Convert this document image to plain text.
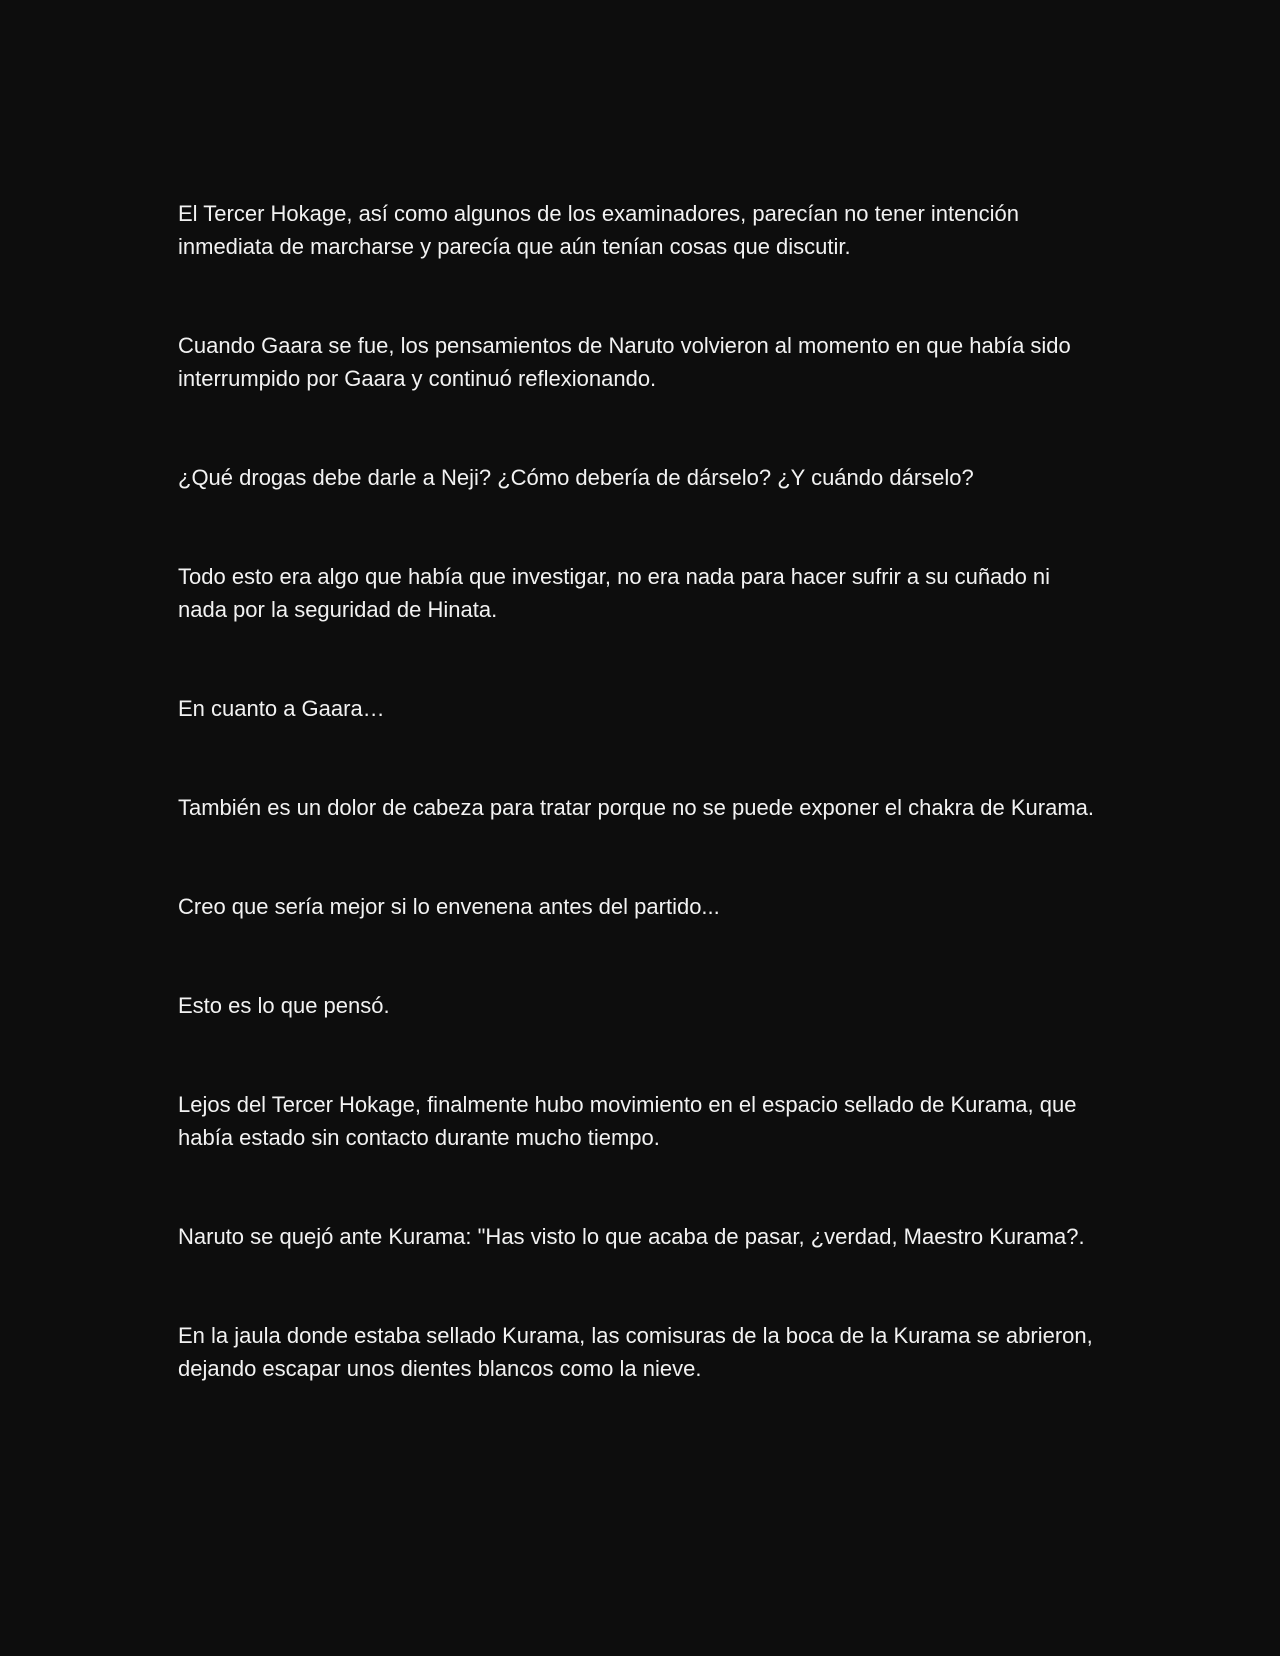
El Tercer Hokage, así como algunos de los examinadores, parecían no tener intención inmediata de marcharse y parecía que aún tenían cosas que discutir.

Cuando Gaara se fue, los pensamientos de Naruto volvieron al momento en que había sido interrumpido por Gaara y continuó reflexionando.

¿Qué drogas debe darle a Neji? ¿Cómo debería de dárselo? ¿Y cuándo dárselo?

Todo esto era algo que había que investigar, no era nada para hacer sufrir a su cuñado ni nada por la seguridad de Hinata.

En cuanto a Gaara…

También es un dolor de cabeza para tratar porque no se puede exponer el chakra de Kurama.

Creo que sería mejor si lo envenena antes del partido...

Esto es lo que pensó.

Lejos del Tercer Hokage, finalmente hubo movimiento en el espacio sellado de Kurama, que había estado sin contacto durante mucho tiempo.

Naruto se quejó ante Kurama: "Has visto lo que acaba de pasar, ¿verdad, Maestro Kurama?.

En la jaula donde estaba sellado Kurama, las comisuras de la boca de la Kurama se abrieron, dejando escapar unos dientes blancos como la nieve.
